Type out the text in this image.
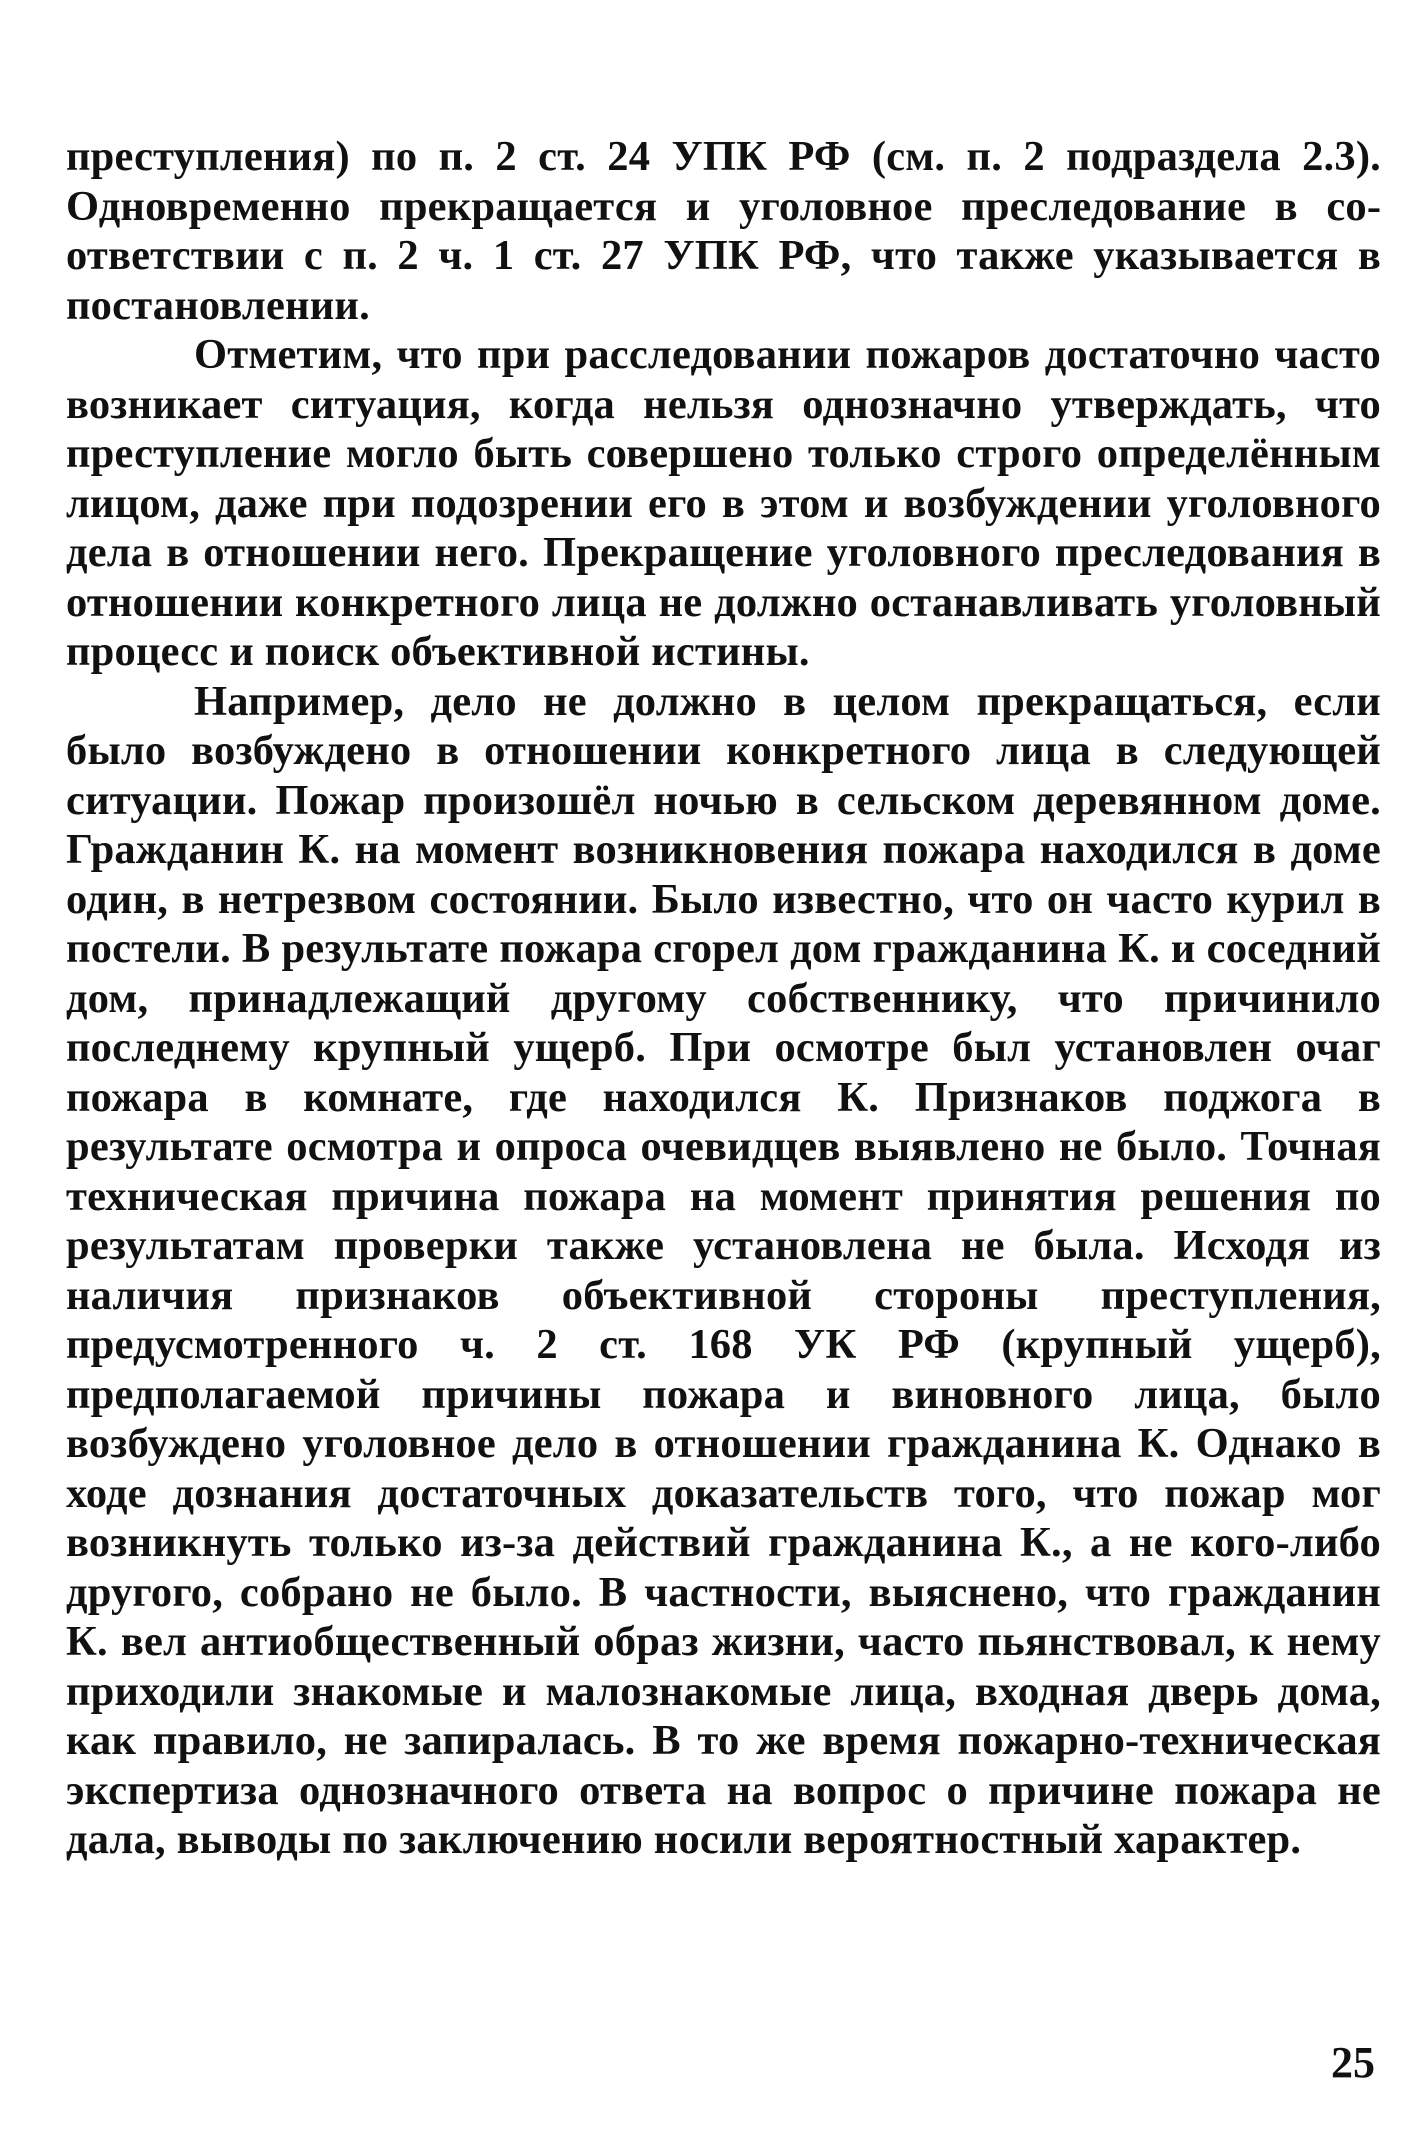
преступления) по п. 2 ст. 24 УПК РФ (см. п. 2 подраздела 2.3). Одновременно прекращается и уголовное преследование в соответствии с п. 2 ч. 1 ст. 27 УПК РФ, что также указывается в постановлении.

Отметим, что при расследовании пожаров достаточно часто возникает ситуация, когда нельзя однозначно утверждать, что преступление могло быть совершено только строго определённым лицом, даже при подозрении его в этом и возбуждении уголовного дела в отношении него. Прекращение уголовного преследования в отношении конкретного лица не должно останавливать уголовный процесс и поиск объективной истины.

Например, дело не должно в целом прекращаться, если было возбуждено в отношении конкретного лица в следующей ситуации. Пожар произошёл ночью в сельском деревянном доме. Гражданин К. на момент возникновения пожара находился в доме один, в нетрезвом состоянии. Было известно, что он часто курил в постели. В результате пожара сгорел дом гражданина К. и соседний дом, принадлежащий другому собственнику, что причинило последнему крупный ущерб. При осмотре был установлен очаг пожара в комнате, где находился К. Признаков поджога в результате осмотра и опроса очевидцев выявлено не было. Точная техническая причина пожара на момент принятия решения по результатам проверки также установлена не была. Исходя из наличия признаков объективной стороны преступления, предусмотренного ч. 2 ст. 168 УК РФ (крупный ущерб), предполагаемой причины пожара и виновного лица, было возбуждено уголовное дело в отношении гражданина К. Однако в ходе дознания достаточных доказательств того, что пожар мог возникнуть только из-за действий гражданина К., а не кого-либо другого, собрано не было. В частности, выяснено, что гражданин К. вел антиобщественный образ жизни, часто пьянствовал, к нему приходили знакомые и малознакомые лица, входная дверь дома, как правило, не запиралась. В то же время пожарно-техническая экспертиза однозначного ответа на вопрос о причине пожара не дала, выводы по заключению носили вероятностный характер.

25
